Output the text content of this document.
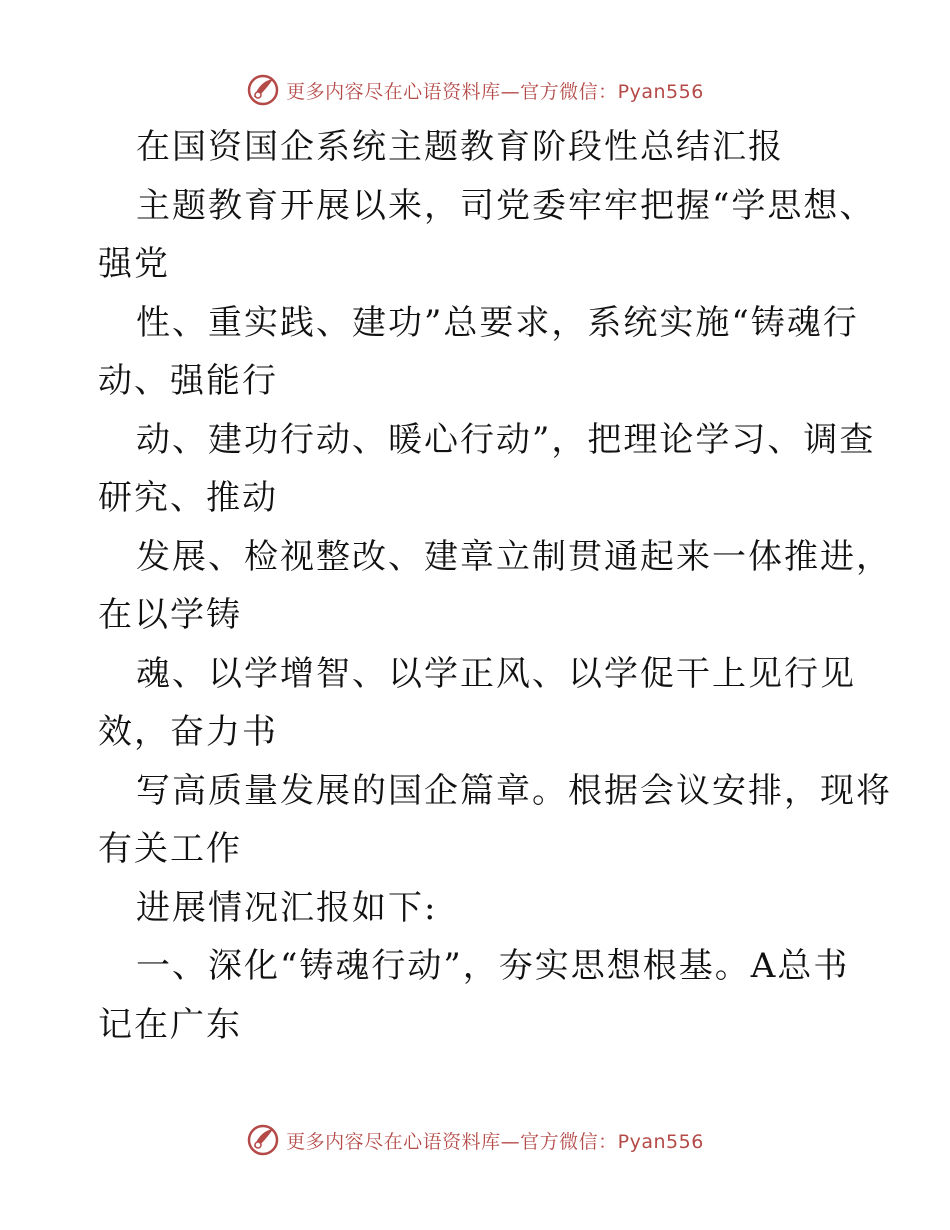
更多内容尽在心语资料库—官方微信：Pyan556
在国资国企系统主题教育阶段性总结汇报
主题教育开展以来，司党委牢牢把握“学思想、
强党
性、重实践、建功”总要求，系统实施“铸魂行
动、强能行
动、建功行动、暖心行动”，把理论学习、调查
研究、推动
发展、检视整改、建章立制贯通起来一体推进，
在以学铸
魂、以学增智、以学正风、以学促干上见行见
效，奋力书
写高质量发展的国企篇章。根据会议安排，现将
有关工作
进展情况汇报如下:
一、深化“铸魂行动”，夯实思想根基。A总书
记在广东
更多内容尽在心语资料库—官方微信：Pyan556
